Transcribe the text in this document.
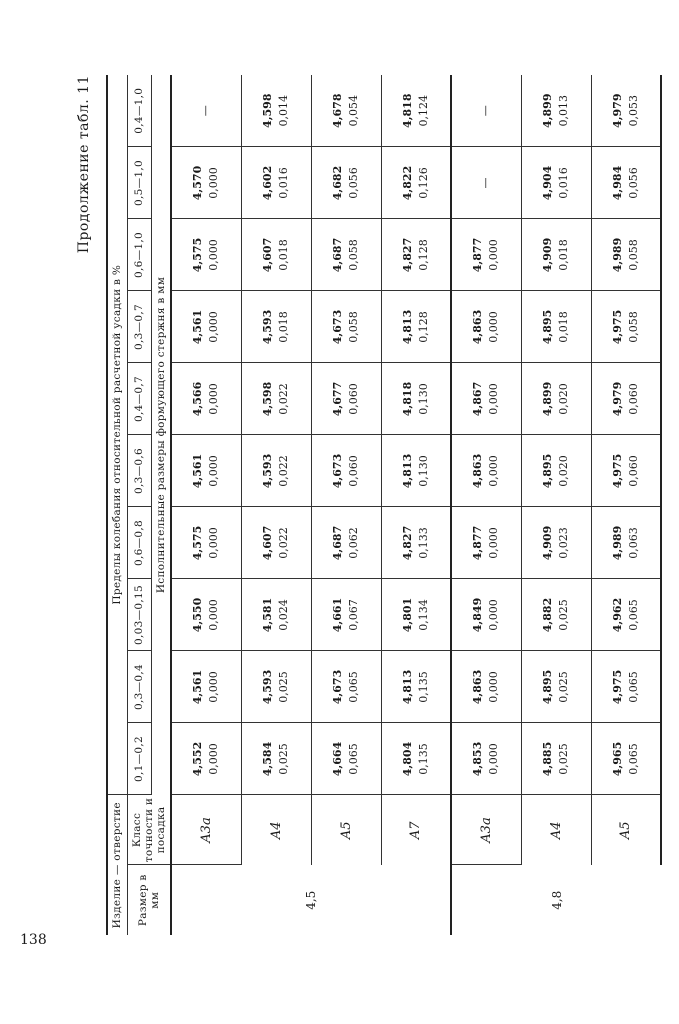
138
Продолжение табл. 11
Изделие — отверстие		Пределы колебания относительной расчетной усадки в %									
Размер в мм	Класс точности и посадка	0,1—0,2	0,3—0,4	0,03—0,15	0,6—0,8	0,3—0,6	0,4—0,7	0,3—0,7	0,6—1,0	0,5—1,0	0,4—1,0
		Исполнительные размеры формующего стержня в мм									
4,5	A3a	4,552 0,000	4,561 0,000	4,550 0,000	4,575 0,000	4,561 0,000	4,566 0,000	4,561 0,000	4,575 0,000	4,570 0,000	—

	A4	4,584 0,025	4,593 0,025	4,581 0,024	4,607 0,022	4,593 0,022	4,598 0,022	4,593 0,018	4,607 0,018	4,602 0,016	4,598 0,014

	A5	4,664 0,065	4,673 0,065	4,661 0,067	4,687 0,062	4,673 0,060	4,677 0,060	4,673 0,058	4,687 0,058	4,682 0,056	4,678 0,054

	A7	4,804 0,135	4,813 0,135	4,801 0,134	4,827 0,133	4,813 0,130	4,818 0,130	4,813 0,128	4,827 0,128	4,822 0,126	4,818 0,124

4,8	A3a	4,853 0,000	4,863 0,000	4,849 0,000	4,877 0,000	4,863 0,000	4,867 0,000	4,863 0,000	4,877 0,000	—	—

	A4	4,885 0,025	4,895 0,025	4,882 0,025	4,909 0,023	4,895 0,020	4,899 0,020	4,895 0,018	4,909 0,018	4,904 0,016	4,899 0,013

	A5	4,965 0,065	4,975 0,065	4,962 0,065	4,989 0,063	4,975 0,060	4,979 0,060	4,975 0,058	4,989 0,058	4,984 0,056	4,979 0,053
